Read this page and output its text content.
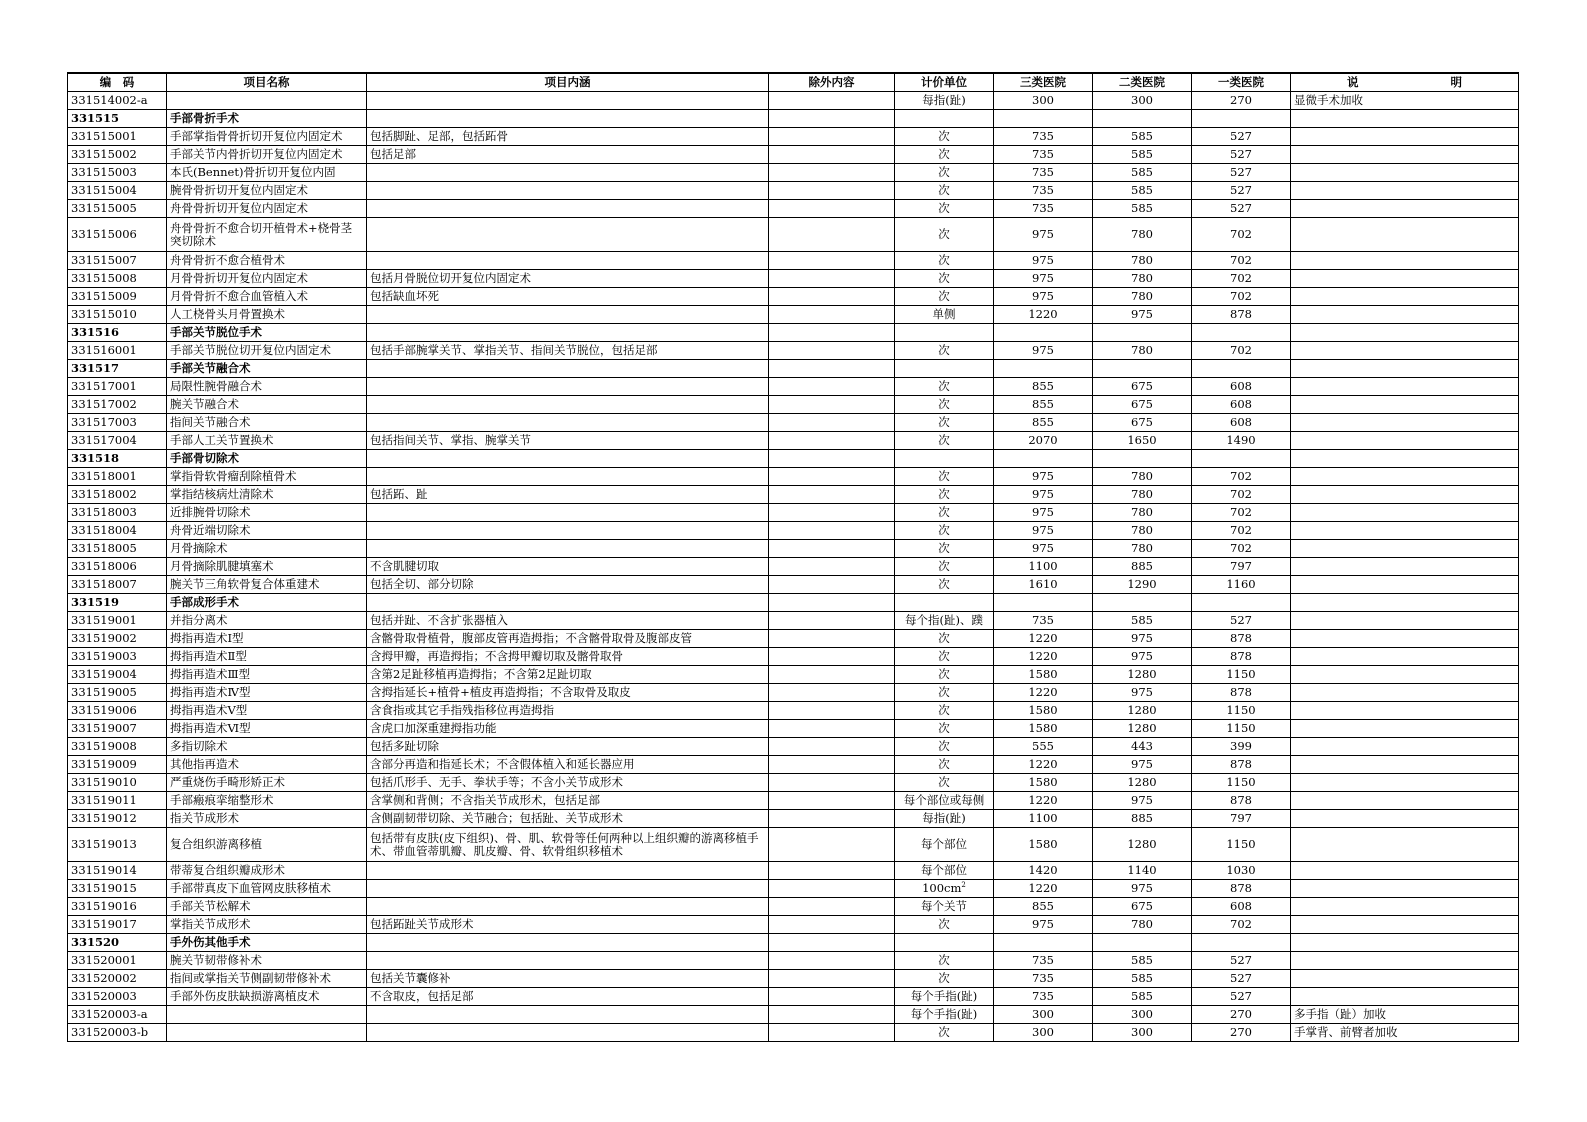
编　码	项目名称	项目内涵	除外内容	计价单位	三类医院	二类医院	一类医院	说　　　　　　　　明
331514002-a				每指(趾)	300	300	270	显微手术加收
331515	手部骨折手术							
331515001	手部掌指骨骨折切开复位内固定术	包括脚趾、足部，包括跖骨		次	735	585	527	
331515002	手部关节内骨折切开复位内固定术	包括足部		次	735	585	527	
331515003	本氏(Bennet)骨折切开复位内固			次	735	585	527	
331515004	腕骨骨折切开复位内固定术			次	735	585	527	
331515005	舟骨骨折切开复位内固定术			次	735	585	527	
331515006	舟骨骨折不愈合切开植骨术+桡骨茎突切除术			次	975	780	702	
331515007	舟骨骨折不愈合植骨术			次	975	780	702	
331515008	月骨骨折切开复位内固定术	包括月骨脱位切开复位内固定术		次	975	780	702	
331515009	月骨骨折不愈合血管植入术	包括缺血坏死		次	975	780	702	
331515010	人工桡骨头月骨置换术			单侧	1220	975	878	
331516	手部关节脱位手术							
331516001	手部关节脱位切开复位内固定术	包括手部腕掌关节、掌指关节、指间关节脱位，包括足部		次	975	780	702	
331517	手部关节融合术							
331517001	局限性腕骨融合术			次	855	675	608	
331517002	腕关节融合术			次	855	675	608	
331517003	指间关节融合术			次	855	675	608	
331517004	手部人工关节置换术	包括指间关节、掌指、腕掌关节		次	2070	1650	1490	
331518	手部骨切除术							
331518001	掌指骨软骨瘤刮除植骨术			次	975	780	702	
331518002	掌指结核病灶清除术	包括跖、趾		次	975	780	702	
331518003	近排腕骨切除术			次	975	780	702	
331518004	舟骨近端切除术			次	975	780	702	
331518005	月骨摘除术			次	975	780	702	
331518006	月骨摘除肌腱填塞术	不含肌腱切取		次	1100	885	797	
331518007	腕关节三角软骨复合体重建术	包括全切、部分切除		次	1610	1290	1160	
331519	手部成形手术							
331519001	并指分离术	包括并趾、不含扩张器植入		每个指(趾)、蹼	735	585	527	
331519002	拇指再造术Ⅰ型	含髂骨取骨植骨，腹部皮管再造拇指；不含髂骨取骨及腹部皮管		次	1220	975	878	
331519003	拇指再造术Ⅱ型	含拇甲瓣，再造拇指；不含拇甲瓣切取及髂骨取骨		次	1220	975	878	
331519004	拇指再造术Ⅲ型	含第2足趾移植再造拇指；不含第2足趾切取		次	1580	1280	1150	
331519005	拇指再造术Ⅳ型	含拇指延长+植骨+植皮再造拇指；不含取骨及取皮		次	1220	975	878	
331519006	拇指再造术Ⅴ型	含食指或其它手指残指移位再造拇指		次	1580	1280	1150	
331519007	拇指再造术Ⅵ型	含虎口加深重建拇指功能		次	1580	1280	1150	
331519008	多指切除术	包括多趾切除		次	555	443	399	
331519009	其他指再造术	含部分再造和指延长术；不含假体植入和延长器应用		次	1220	975	878	
331519010	严重烧伤手畸形矫正术	包括爪形手、无手、拳状手等；不含小关节成形术		次	1580	1280	1150	
331519011	手部瘢痕挛缩整形术	含掌侧和背侧；不含指关节成形术，包括足部		每个部位或每侧	1220	975	878	
331519012	指关节成形术	含侧副韧带切除、关节融合；包括趾、关节成形术		每指(趾)	1100	885	797	
331519013	复合组织游离移植	包括带有皮肤(皮下组织)、骨、肌、软骨等任何两种以上组织瓣的游离移植手术、带血管蒂肌瓣、肌皮瓣、骨、软骨组织移植术		每个部位	1580	1280	1150	
331519014	带蒂复合组织瓣成形术			每个部位	1420	1140	1030	
331519015	手部带真皮下血管网皮肤移植术			$100cm^2$	1220	975	878	
331519016	手部关节松解术			每个关节	855	675	608	
331519017	掌指关节成形术	包括跖趾关节成形术		次	975	780	702	
331520	手外伤其他手术							
331520001	腕关节韧带修补术			次	735	585	527	
331520002	指间或掌指关节侧副韧带修补术	包括关节囊修补		次	735	585	527	
331520003	手部外伤皮肤缺损游离植皮术	不含取皮，包括足部		每个手指(趾)	735	585	527	
331520003-a				每个手指(趾)	300	300	270	多手指（趾）加收
331520003-b				次	300	300	270	手掌背、前臂者加收
